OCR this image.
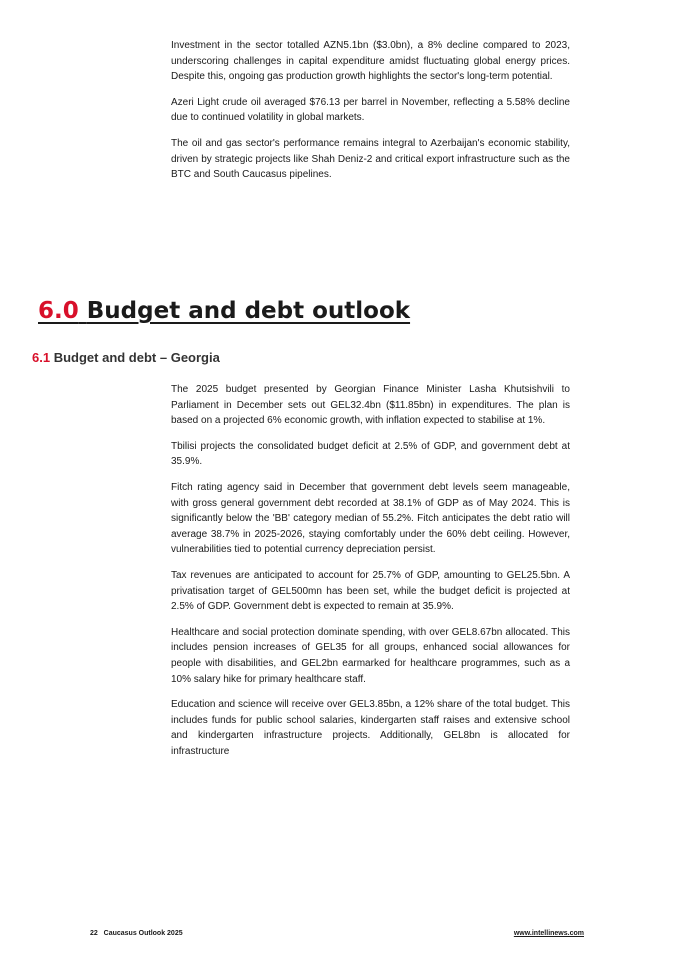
Investment in the sector totalled AZN5.1bn ($3.0bn), a 8% decline compared to 2023, underscoring challenges in capital expenditure amidst fluctuating global energy prices. Despite this, ongoing gas production growth highlights the sector's long-term potential.

Azeri Light crude oil averaged $76.13 per barrel in November, reflecting a 5.58% decline due to continued volatility in global markets.

The oil and gas sector's performance remains integral to Azerbaijan's economic stability, driven by strategic projects like Shah Deniz-2 and critical export infrastructure such as the BTC and South Caucasus pipelines.

6.0 Budget and debt outlook
6.1 Budget and debt – Georgia

The 2025 budget presented by Georgian Finance Minister Lasha Khutsishvili to Parliament in December sets out GEL32.4bn ($11.85bn) in expenditures. The plan is based on a projected 6% economic growth, with inflation expected to stabilise at 1%.

Tbilisi projects the consolidated budget deficit at 2.5% of GDP, and government debt at 35.9%.

Fitch rating agency said in December that government debt levels seem manageable, with gross general government debt recorded at 38.1% of GDP as of May 2024. This is significantly below the 'BB' category median of 55.2%. Fitch anticipates the debt ratio will average 38.7% in 2025-2026, staying comfortably under the 60% debt ceiling. However, vulnerabilities tied to potential currency depreciation persist.

Tax revenues are anticipated to account for 25.7% of GDP, amounting to GEL25.5bn. A privatisation target of GEL500mn has been set, while the budget deficit is projected at 2.5% of GDP. Government debt is expected to remain at 35.9%.

Healthcare and social protection dominate spending, with over GEL8.67bn allocated. This includes pension increases of GEL35 for all groups, enhanced social allowances for people with disabilities, and GEL2bn earmarked for healthcare programmes, such as a 10% salary hike for primary healthcare staff.

Education and science will receive over GEL3.85bn, a 12% share of the total budget. This includes funds for public school salaries, kindergarten staff raises and extensive school and kindergarten infrastructure projects. Additionally, GEL8bn is allocated for infrastructure

22 Caucasus Outlook 2025	www.intellinews.com
